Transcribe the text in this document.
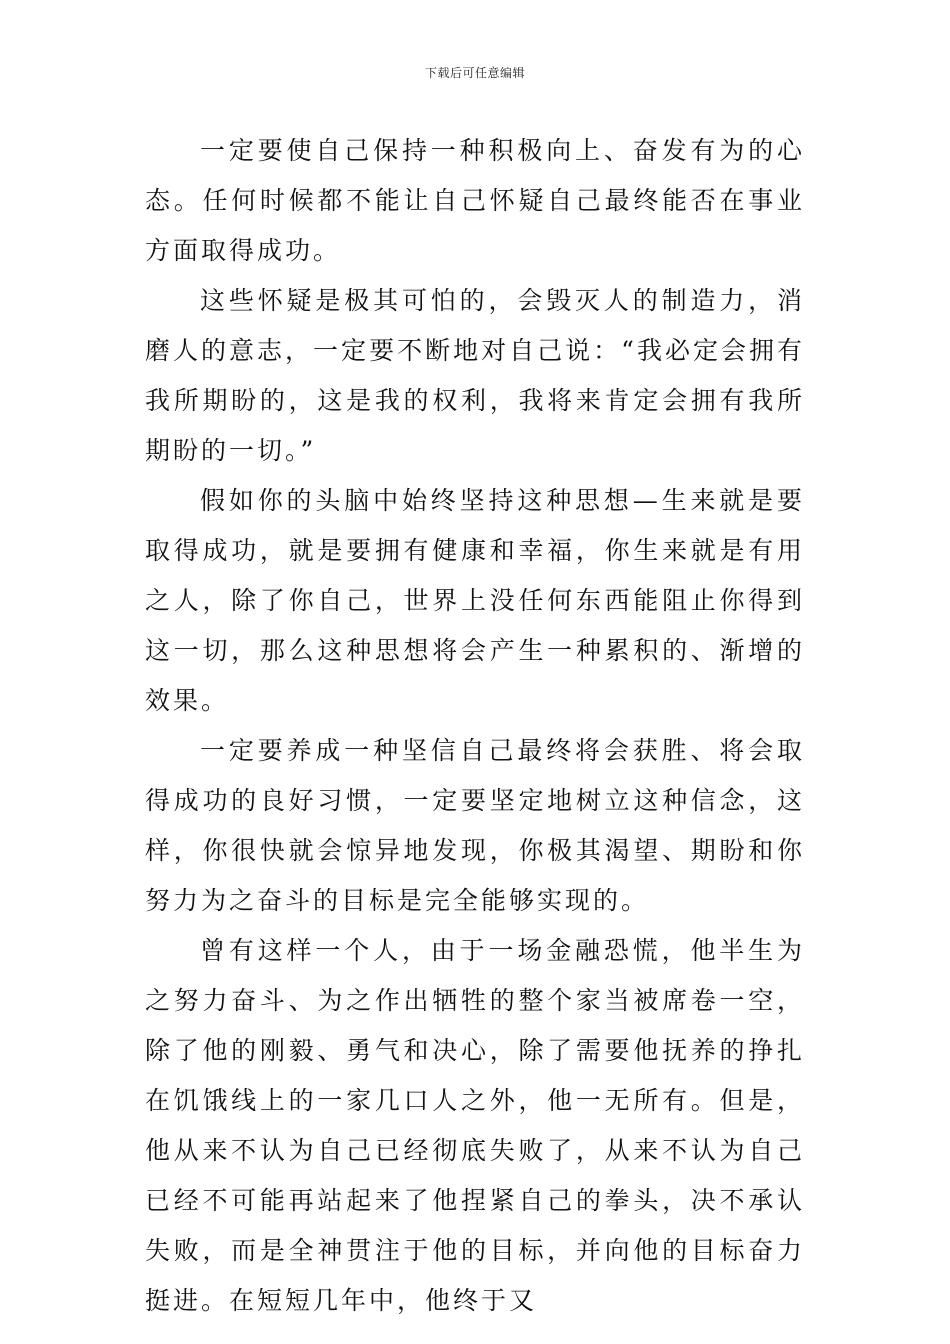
下载后可任意编辑

一定要使自己保持一种积极向上、奋发有为的心态。任何时候都不能让自己怀疑自己最终能否在事业方面取得成功。

这些怀疑是极其可怕的，会毁灭人的制造力，消磨人的意志，一定要不断地对自己说：“我必定会拥有我所期盼的，这是我的权利，我将来肯定会拥有我所期盼的一切。”

假如你的头脑中始终坚持这种思想—生来就是要取得成功，就是要拥有健康和幸福，你生来就是有用之人，除了你自己，世界上没任何东西能阻止你得到这一切，那么这种思想将会产生一种累积的、渐增的效果。

一定要养成一种坚信自己最终将会获胜、将会取得成功的良好习惯，一定要坚定地树立这种信念，这样，你很快就会惊异地发现，你极其渴望、期盼和你努力为之奋斗的目标是完全能够实现的。

曾有这样一个人，由于一场金融恐慌，他半生为之努力奋斗、为之作出牺牲的整个家当被席卷一空，除了他的刚毅、勇气和决心，除了需要他抚养的挣扎在饥饿线上的一家几口人之外，他一无所有。但是，他从来不认为自己已经彻底失败了，从来不认为自己已经不可能再站起来了他捏紧自己的拳头，决不承认失败，而是全神贯注于他的目标，并向他的目标奋力挺进。在短短几年中，他终于又
